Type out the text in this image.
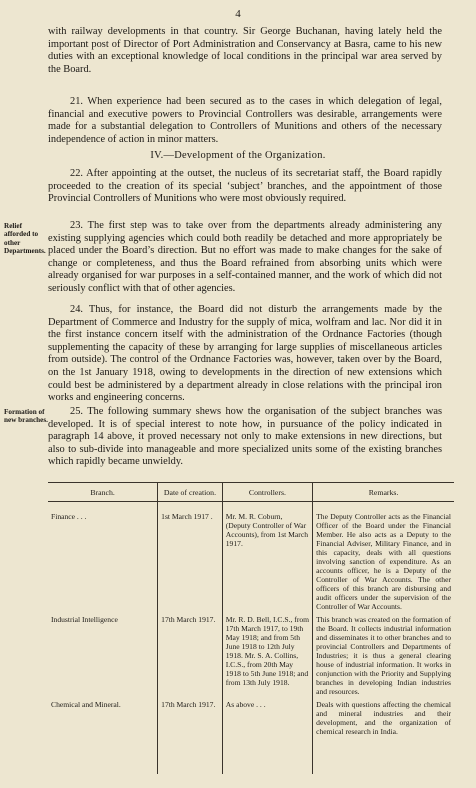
4

with railway developments in that country. Sir George Buchanan, having lately held the important post of Director of Port Administration and Conservancy at Basra, came to his new duties with an exceptional knowledge of local conditions in the principal war area served by the Board.

21. When experience had been secured as to the cases in which delegation of legal, financial and executive powers to Provincial Controllers was desirable, arrangements were made for a substantial delegation to Controllers of Munitions and others of the necessary independence of action in minor matters.

IV.—Development of the Organization.

22. After appointing at the outset, the nucleus of its secretariat staff, the Board rapidly proceeded to the creation of its special ‘subject’ branches, and the appointment of those Provincial Controllers of Munitions who were most obviously required.

Relief afforded to other Departments.

23. The first step was to take over from the departments already administering any existing supplying agencies which could both readily be detached and more appropriately be placed under the Board’s direction. But no effort was made to make changes for the sake of change or completeness, and thus the Board refrained from absorbing units which were already organised for war purposes in a self-contained manner, and the work of which did not seriously conflict with that of other agencies.

24. Thus, for instance, the Board did not disturb the arrangements made by the Department of Commerce and Industry for the supply of mica, wolfram and lac. Nor did it in the first instance concern itself with the administration of the Ordnance Factories (though supplementing the capacity of these by arranging for large supplies of miscellaneous articles from outside). The control of the Ordnance Factories was, however, taken over by the Board, on the 1st January 1918, owing to developments in the direction of new extensions which could best be administered by a department already in close relations with the principal iron works and engineering concerns.

Formation of new branches.

25. The following summary shews how the organisation of the subject branches was developed. It is of special interest to note how, in pursuance of the policy indicated in paragraph 14 above, it proved necessary not only to make extensions in new directions, but also to sub-divide into manageable and more specialized units some of the existing branches which rapidly became unwieldy.

Branch.	Date of creation.	Controllers.	Remarks.

Finance . . .	1st March 1917 .	Mr. M. R. Coburn, (Deputy Controller of War Accounts), from 1st March 1917.	The Deputy Controller acts as the Financial Officer of the Board under the Financial Member. He also acts as a Deputy to the Financial Adviser, Military Finance, and in this capacity, deals with all questions involving sanction of expenditure. As an accounts officer, he is a Deputy of the Controller of War Accounts. The other officers of this branch are disbursing and audit officers under the supervision of the Controller of War Accounts.
Industrial Intelligence	17th March 1917.	Mr. R. D. Bell, I.C.S., from 17th March 1917, to 19th May 1918; and from 5th June 1918 to 12th July 1918. Mr. S. A. Collins, I.C.S., from 20th May 1918 to 5th June 1918; and from 13th July 1918.	This branch was created on the formation of the Board. It collects industrial information and disseminates it to other branches and to provincial Controllers and Departments of Industries; it is thus a general clearing house of industrial information. It works in conjunction with the Priority and Supplying branches in developing Indian industries and resources.
Chemical and Mineral.	17th March 1917.	As above . . .	Deals with questions affecting the chemical and mineral industries and their development, and the organization of chemical research in India.
